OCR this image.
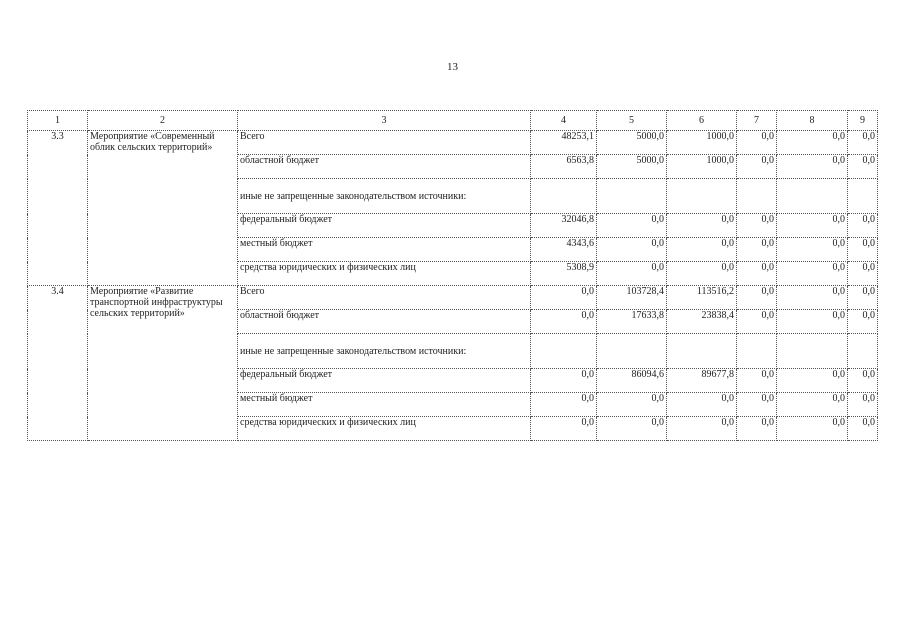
13
1	2	3	4	5	6	7	8	9
3.3	Мероприятие «Современный облик сельских территорий»	Всего	48253,1	5000,0	1000,0	0,0	0,0	0,0
		областной бюджет	6563,8	5000,0	1000,0	0,0	0,0	0,0
		иные не запрещенные законодательством источники:						
		федеральный бюджет	32046,8	0,0	0,0	0,0	0,0	0,0
		местный бюджет	4343,6	0,0	0,0	0,0	0,0	0,0
		средства юридических и физических лиц	5308,9	0,0	0,0	0,0	0,0	0,0
3.4	Мероприятие «Развитие транспортной инфраструктуры сельских территорий»	Всего	0,0	103728,4	113516,2	0,0	0,0	0,0
		областной бюджет	0,0	17633,8	23838,4	0,0	0,0	0,0
		иные не запрещенные законодательством источники:						
		федеральный бюджет	0,0	86094,6	89677,8	0,0	0,0	0,0
		местный бюджет	0,0	0,0	0,0	0,0	0,0	0,0
		средства юридических и физических лиц	0,0	0,0	0,0	0,0	0,0	0,0
